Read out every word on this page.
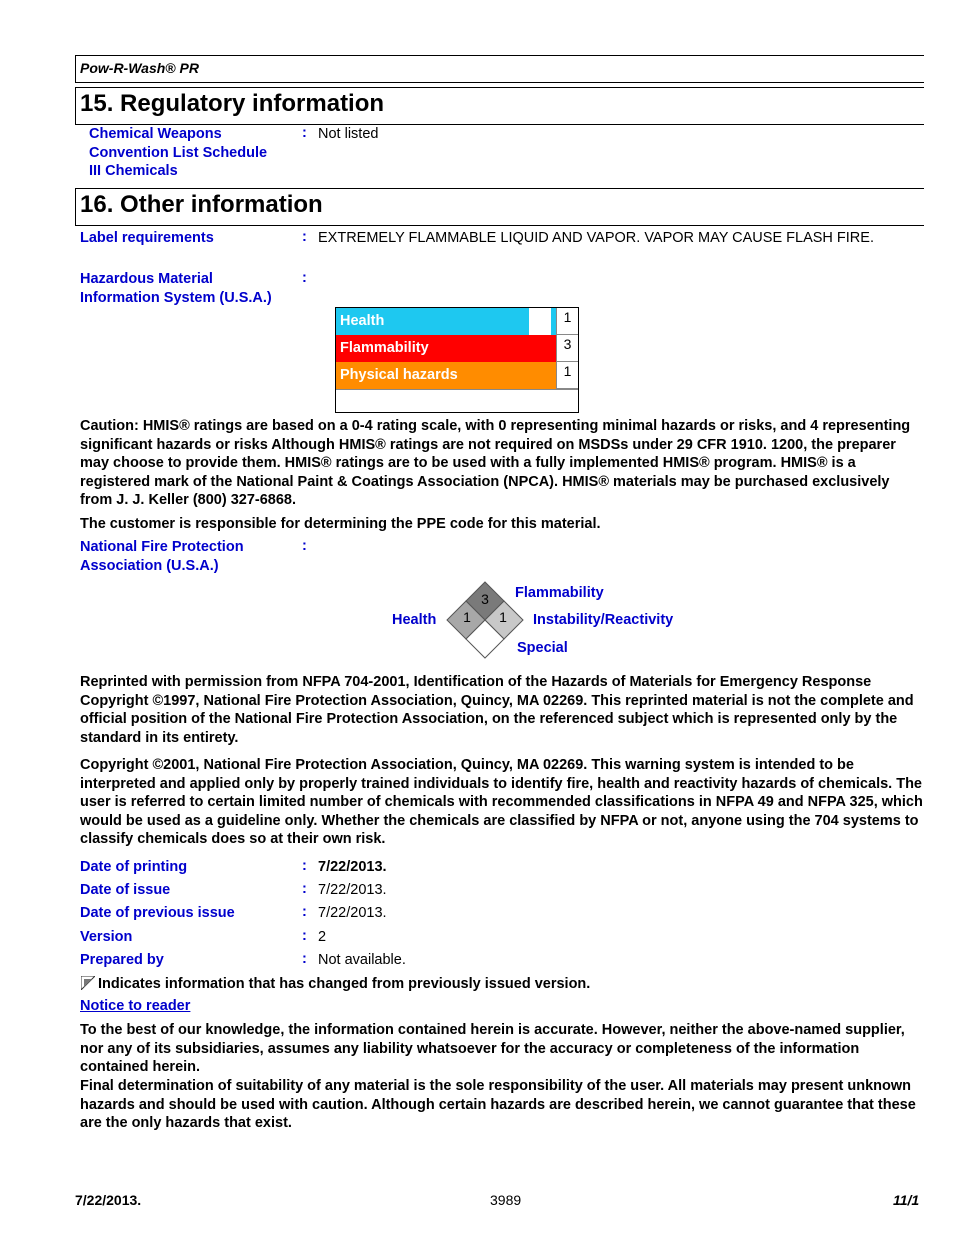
Pow-R-Wash® PR
15. Regulatory information
Chemical Weapons
Convention List Schedule
III Chemicals
: Not listed
16. Other information
Label requirements	: EXTREMELY FLAMMABLE LIQUID AND VAPOR. VAPOR MAY CAUSE FLASH FIRE.
Hazardous Material
Information System (U.S.A.)
:
Health	1
Flammability	3
Physical hazards	1
Caution: HMIS® ratings are based on a 0-4 rating scale, with 0 representing minimal hazards or risks, and 4 representing significant hazards or risks Although HMIS® ratings are not required on MSDSs under 29 CFR 1910. 1200, the preparer may choose to provide them. HMIS® ratings are to be used with a fully implemented HMIS® program. HMIS® is a registered mark of the National Paint & Coatings Association (NPCA). HMIS® materials may be purchased exclusively from J. J. Keller (800) 327-6868.
The customer is responsible for determining the PPE code for this material.
National Fire Protection
Association (U.S.A.)
:
3
1 1
Flammability
Health	Instability/Reactivity
Special
Reprinted with permission from NFPA 704-2001, Identification of the Hazards of Materials for Emergency Response Copyright ©1997, National Fire Protection Association, Quincy, MA 02269. This reprinted material is not the complete and official position of the National Fire Protection Association, on the referenced subject which is represented only by the standard in its entirety.
Copyright ©2001, National Fire Protection Association, Quincy, MA 02269. This warning system is intended to be interpreted and applied only by properly trained individuals to identify fire, health and reactivity hazards of chemicals. The user is referred to certain limited number of chemicals with recommended classifications in NFPA 49 and NFPA 325, which would be used as a guideline only. Whether the chemicals are classified by NFPA or not, anyone using the 704 systems to classify chemicals does so at their own risk.
Date of printing	: 7/22/2013.
Date of issue	: 7/22/2013.
Date of previous issue	: 7/22/2013.
Version	: 2
Prepared by	: Not available.
Indicates information that has changed from previously issued version.
Notice to reader
To the best of our knowledge, the information contained herein is accurate. However, neither the above-named supplier, nor any of its subsidiaries, assumes any liability whatsoever for the accuracy or completeness of the information contained herein.
Final determination of suitability of any material is the sole responsibility of the user. All materials may present unknown hazards and should be used with caution. Although certain hazards are described herein, we cannot guarantee that these are the only hazards that exist.
7/22/2013.	3989	11/1
